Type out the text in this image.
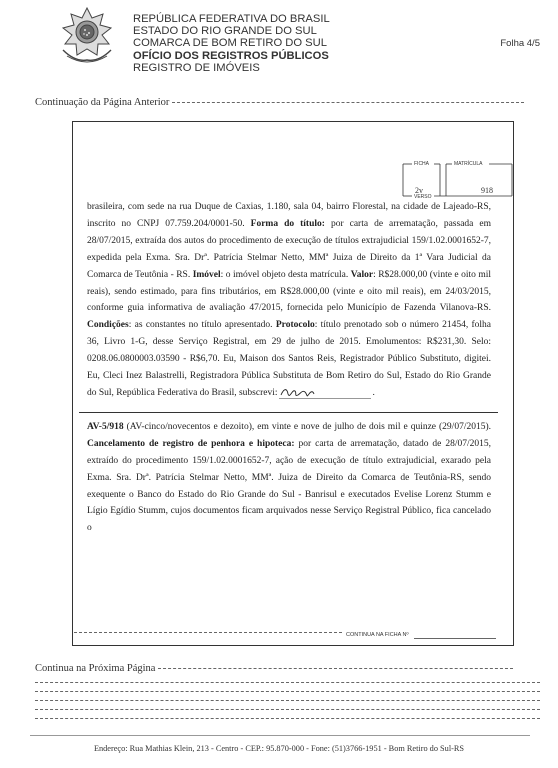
REPÚBLICA FEDERATIVA DO BRASIL
ESTADO DO RIO GRANDE DO SUL
COMARCA DE BOM RETIRO DO SUL
OFÍCIO DOS REGISTROS PÚBLICOS
REGISTRO DE IMÓVEIS
Folha 4/5
Continuação da Página Anterior
FICHA	MATRÍCULA
2v	918
VERSO

brasileira, com sede na rua Duque de Caxias, 1.180, sala 04, bairro Florestal, na cidade de Lajeado-RS, inscrito no CNPJ 07.759.204/0001-50. Forma do título: por carta de arrematação, passada em 28/07/2015, extraída dos autos do procedimento de execução de títulos extrajudicial 159/1.02.0001652-7, expedida pela Exma. Sra. Drª. Patrícia Stelmar Netto, MMª Juiza de Direito da 1ª Vara Judicial da Comarca de Teutônia - RS. Imóvel: o imóvel objeto desta matrícula. Valor: R$28.000,00 (vinte e oito mil reais), sendo estimado, para fins tributários, em R$28.000,00 (vinte e oito mil reais), em 24/03/2015, conforme guia informativa de avaliação 47/2015, fornecida pelo Município de Fazenda Vilanova-RS. Condições: as constantes no título apresentado. Protocolo: título prenotado sob o número 21454, folha 36, Livro 1-G, desse Serviço Registral, em 29 de julho de 2015. Emolumentos: R$231,30. Selo: 0208.06.0800003.03590 - R$6,70. Eu, Maison dos Santos Reis, Registrador Público Substituto, digitei. Eu, Cleci Inez Balastrelli, Registradora Pública Substituta de Bom Retiro do Sul, Estado do Rio Grande do Sul, República Federativa do Brasil, subscrevi:	.

AV-5/918 (AV-cinco/novecentos e dezoito), em vinte e nove de julho de dois mil e quinze (29/07/2015). Cancelamento de registro de penhora e hipoteca: por carta de arrematação, datado de 28/07/2015, extraído do procedimento 159/1.02.0001652-7, ação de execução de título extrajudicial, exarado pela Exma. Sra. Drª. Patrícia Stelmar Netto, MMª. Juiza de Direito da Comarca de Teutônia-RS, sendo exequente o Banco do Estado do Rio Grande do Sul - Banrisul e executados Evelise Lorenz Stumm e Lígio Egídio Stumm, cujos documentos ficam arquivados nesse Serviço Registral Público, fica cancelado o

CONTINUA NA FICHA Nº
Continua na Próxima Página
Endereço: Rua Mathias Klein, 213 - Centro - CEP.: 95.870-000 - Fone: (51)3766-1951 - Bom Retiro do Sul-RS
